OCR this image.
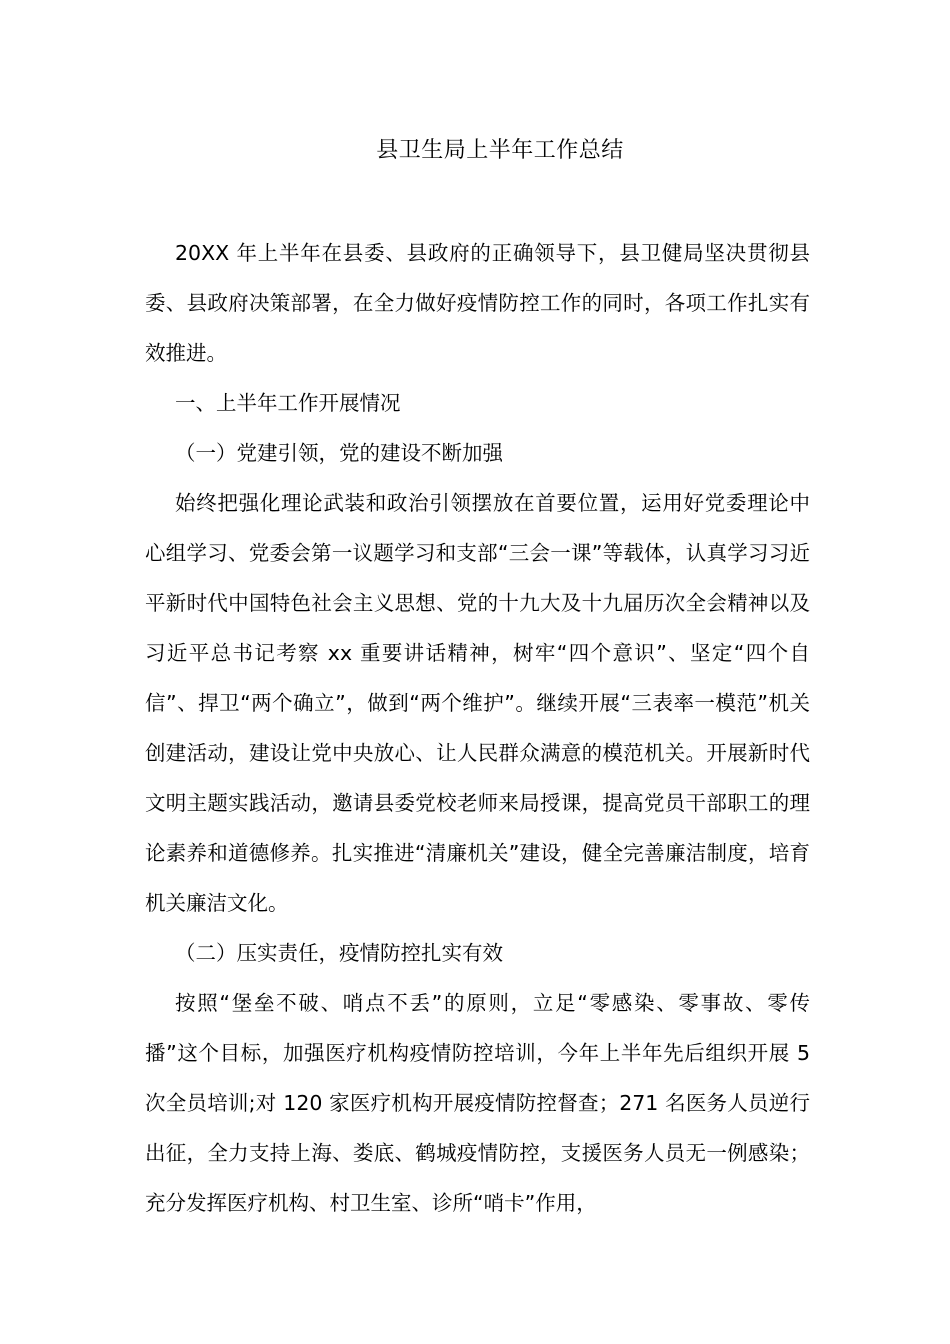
县卫生局上半年工作总结

20XX 年上半年在县委、县政府的正确领导下，县卫健局坚决贯彻县委、县政府决策部署，在全力做好疫情防控工作的同时，各项工作扎实有效推进。

一、上半年工作开展情况

（一）党建引领，党的建设不断加强

始终把强化理论武装和政治引领摆放在首要位置，运用好党委理论中心组学习、党委会第一议题学习和支部“三会一课”等载体，认真学习习近平新时代中国特色社会主义思想、党的十九大及十九届历次全会精神以及习近平总书记考察 xx 重要讲话精神，树牢“四个意识”、坚定“四个自信”、捍卫“两个确立”，做到“两个维护”。继续开展“三表率一模范”机关创建活动，建设让党中央放心、让人民群众满意的模范机关。开展新时代文明主题实践活动，邀请县委党校老师来局授课，提高党员干部职工的理论素养和道德修养。扎实推进“清廉机关”建设，健全完善廉洁制度，培育机关廉洁文化。

（二）压实责任，疫情防控扎实有效

按照“堡垒不破、哨点不丢”的原则，立足“零感染、零事故、零传播”这个目标，加强医疗机构疫情防控培训，今年上半年先后组织开展 5 次全员培训;对 120 家医疗机构开展疫情防控督查；271 名医务人员逆行出征，全力支持上海、娄底、鹤城疫情防控，支援医务人员无一例感染；充分发挥医疗机构、村卫生室、诊所“哨卡”作用，
